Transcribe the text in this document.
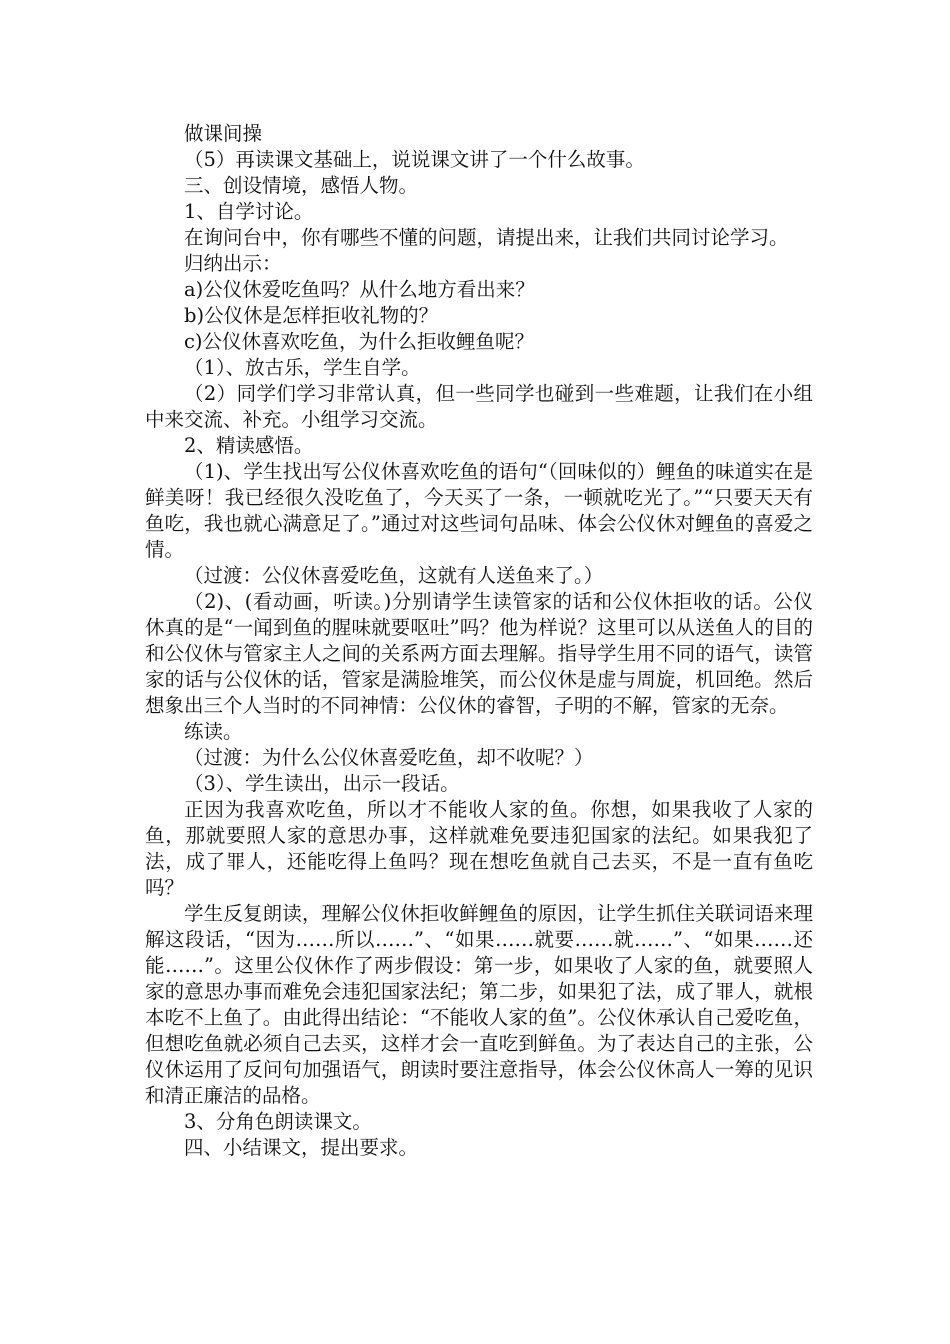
做课间操

（5）再读课文基础上，说说课文讲了一个什么故事。

三、创设情境，感悟人物。

1、自学讨论。

在询问台中，你有哪些不懂的问题，请提出来，让我们共同讨论学习。

归纳出示：

a)公仪休爱吃鱼吗？从什么地方看出来？

b)公仪休是怎样拒收礼物的？

c)公仪休喜欢吃鱼，为什么拒收鲤鱼呢？

（1）、放古乐，学生自学。

（2）同学们学习非常认真，但一些同学也碰到一些难题，让我们在小组中来交流、补充。小组学习交流。

2、精读感悟。

（1)、学生找出写公仪休喜欢吃鱼的语句“（回味似的）鲤鱼的味道实在是鲜美呀！我已经很久没吃鱼了，今天买了一条，一顿就吃光了。”“只要天天有鱼吃，我也就心满意足了。”通过对这些词句品味、体会公仪休对鲤鱼的喜爱之情。

（过渡：公仪休喜爱吃鱼，这就有人送鱼来了。）

（2)、(看动画，听读。)分别请学生读管家的话和公仪休拒收的话。公仪休真的是“一闻到鱼的腥味就要呕吐”吗？他为样说？这里可以从送鱼人的目的和公仪休与管家主人之间的关系两方面去理解。指导学生用不同的语气，读管家的话与公仪休的话，管家是满脸堆笑，而公仪休是虚与周旋，机回绝。然后想象出三个人当时的不同神情：公仪休的睿智，子明的不解，管家的无奈。

练读。

（过渡：为什么公仪休喜爱吃鱼，却不收呢？）

（3）、学生读出，出示一段话。

正因为我喜欢吃鱼，所以才不能收人家的鱼。你想，如果我收了人家的鱼，那就要照人家的意思办事，这样就难免要违犯国家的法纪。如果我犯了法，成了罪人，还能吃得上鱼吗？现在想吃鱼就自己去买，不是一直有鱼吃吗？

学生反复朗读，理解公仪休拒收鲜鲤鱼的原因，让学生抓住关联词语来理解这段话，“因为……所以……”、“如果……就要……就……”、“如果……还能……”。这里公仪休作了两步假设：第一步，如果收了人家的鱼，就要照人家的意思办事而难免会违犯国家法纪；第二步，如果犯了法，成了罪人，就根本吃不上鱼了。由此得出结论：“不能收人家的鱼”。公仪休承认自己爱吃鱼，但想吃鱼就必须自己去买，这样才会一直吃到鲜鱼。为了表达自己的主张，公仪休运用了反问句加强语气，朗读时要注意指导，体会公仪休高人一筹的见识和清正廉洁的品格。

3、分角色朗读课文。

四、小结课文，提出要求。
